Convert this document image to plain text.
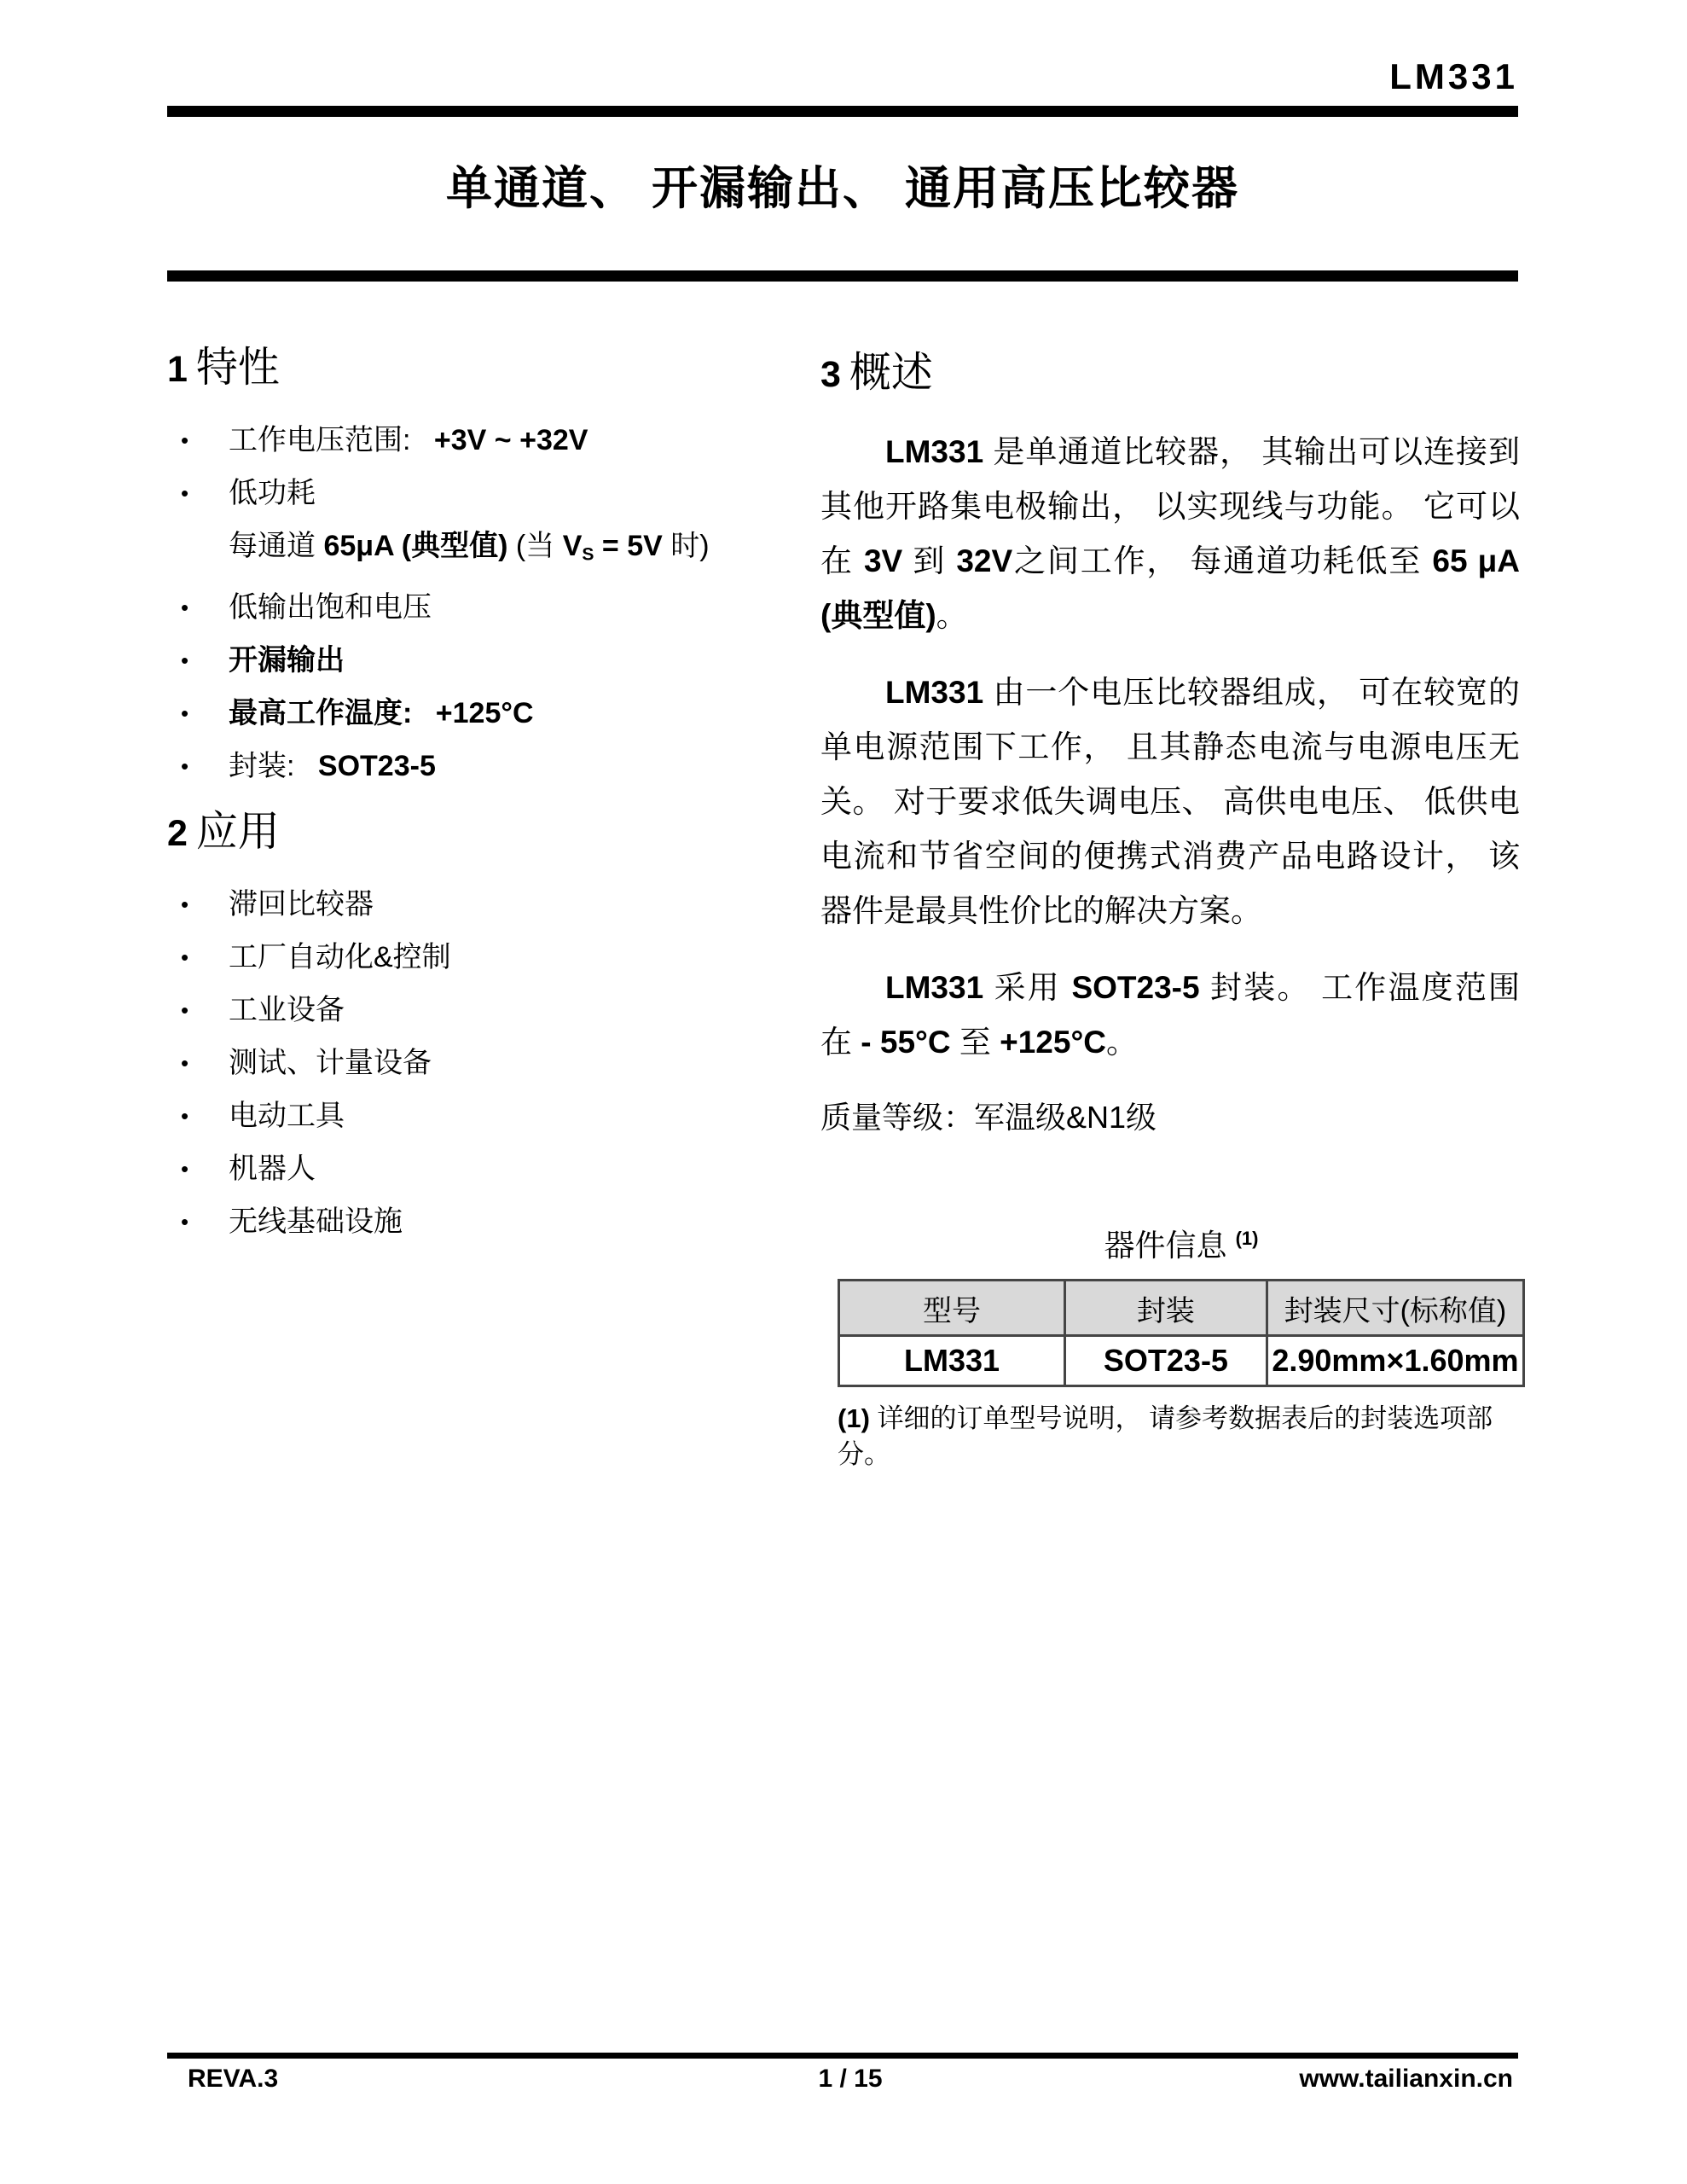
LM331
单通道、 开漏输出、 通用高压比较器
1 特性
• 工作电压范围: +3V ~ +32V
• 低功耗
每通道 65μA (典型值) (当 $V_S = 5V$ 时)
• 低输出饱和电压
• 开漏输出
• 最高工作温度: +125°C
• 封装: SOT23-5
2 应用
• 滞回比较器
• 工厂自动化&控制
• 工业设备
• 测试、计量设备
• 电动工具
• 机器人
• 无线基础设施
3 概述

LM331 是单通道比较器， 其输出可以连接到其他开路集电极输出， 以实现线与功能。 它可以在 3V 到 32V之间工作， 每通道功耗低至 65 μA (典型值)。

LM331 由一个电压比较器组成， 可在较宽的单电源范围下工作， 且其静态电流与电源电压无关。 对于要求低失调电压、 高供电电压、 低供电电流和节省空间的便携式消费产品电路设计， 该器件是最具性价比的解决方案。

LM331 采用 SOT23-5 封装。 工作温度范围在 - 55°C 至 +125°C。

质量等级：军温级&N1级

器件信息 $^{(1)}$
型号	封装	封装尺寸(标称值)
LM331	SOT23-5	2.90mm×1.60mm
(1) 详细的订单型号说明， 请参考数据表后的封装选项部分。
REVA.3	1 / 15	www.tailianxin.cn
